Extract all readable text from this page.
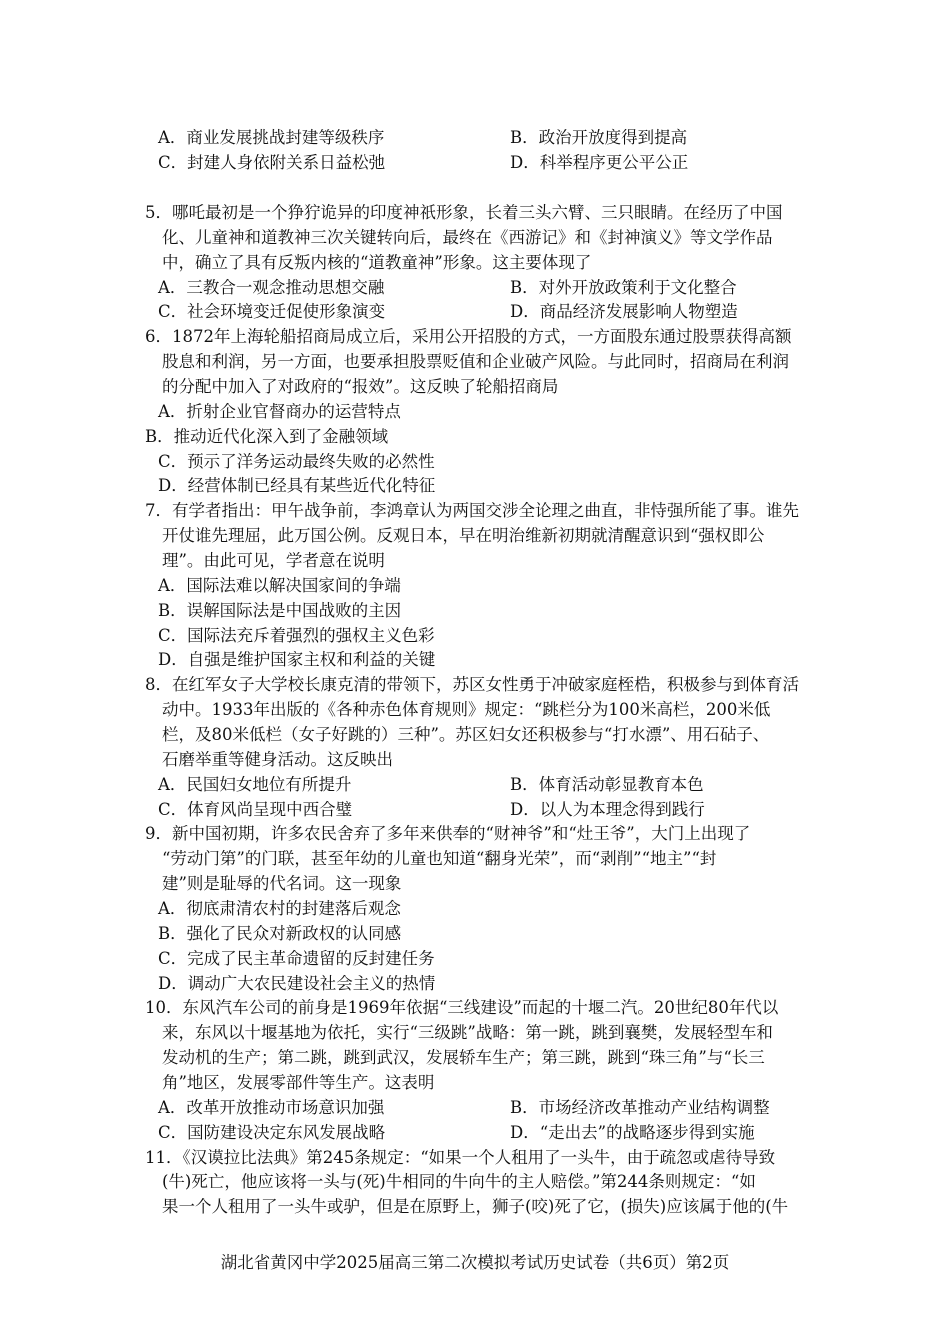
A．商业发展挑战封建等级秩序	B．政治开放度得到提高
C．封建人身依附关系日益松弛	D．科举程序更公平公正
5．哪吒最初是一个狰狞诡异的印度神祇形象，长着三头六臂、三只眼睛。在经历了中国
化、儿童神和道教神三次关键转向后，最终在《西游记》和《封神演义》等文学作品
中，确立了具有反叛内核的“道教童神”形象。这主要体现了
A．三教合一观念推动思想交融	B．对外开放政策利于文化整合
C．社会环境变迁促使形象演变	D．商品经济发展影响人物塑造
6．1872年上海轮船招商局成立后，采用公开招股的方式，一方面股东通过股票获得高额
股息和利润，另一方面，也要承担股票贬值和企业破产风险。与此同时，招商局在利润
的分配中加入了对政府的“报效”。这反映了轮船招商局
A．折射企业官督商办的运营特点
B．推动近代化深入到了金融领域
C．预示了洋务运动最终失败的必然性
D．经营体制已经具有某些近代化特征
7．有学者指出：甲午战争前，李鸿章认为两国交涉全论理之曲直，非恃强所能了事。谁先
开仗谁先理屈，此万国公例。反观日本，早在明治维新初期就清醒意识到“强权即公
理”。由此可见，学者意在说明
A．国际法难以解决国家间的争端
B．误解国际法是中国战败的主因
C．国际法充斥着强烈的强权主义色彩
D．自强是维护国家主权和利益的关键
8．在红军女子大学校长康克清的带领下，苏区女性勇于冲破家庭桎梏，积极参与到体育活
动中。1933年出版的《各种赤色体育规则》规定：“跳栏分为100米高栏，200米低
栏，及80米低栏（女子好跳的）三种”。苏区妇女还积极参与“打水漂”、用石砧子、
石磨举重等健身活动。这反映出
A．民国妇女地位有所提升	B．体育活动彰显教育本色
C．体育风尚呈现中西合璧	D．以人为本理念得到践行
9．新中国初期，许多农民舍弃了多年来供奉的“财神爷”和“灶王爷”，大门上出现了
“劳动门第”的门联，甚至年幼的儿童也知道“翻身光荣”，而“剥削”“地主”“封
建”则是耻辱的代名词。这一现象
A．彻底肃清农村的封建落后观念
B．强化了民众对新政权的认同感
C．完成了民主革命遗留的反封建任务
D．调动广大农民建设社会主义的热情
10．东风汽车公司的前身是1969年依据“三线建设”而起的十堰二汽。20世纪80年代以
来，东风以十堰基地为依托，实行“三级跳”战略：第一跳，跳到襄樊，发展轻型车和
发动机的生产；第二跳，跳到武汉，发展轿车生产；第三跳，跳到“珠三角”与“长三
角”地区，发展零部件等生产。这表明
A．改革开放推动市场意识加强	B．市场经济改革推动产业结构调整
C．国防建设决定东风发展战略	D．“走出去”的战略逐步得到实施
11．《汉谟拉比法典》第245条规定：“如果一个人租用了一头牛，由于疏忽或虐待导致
(牛)死亡，他应该将一头与(死)牛相同的牛向牛的主人赔偿。”第244条则规定：“如
果一个人租用了一头牛或驴，但是在原野上，狮子(咬)死了它，(损失)应该属于他的(牛
湖北省黄冈中学2025届高三第二次模拟考试历史试卷（共6页）第2页
